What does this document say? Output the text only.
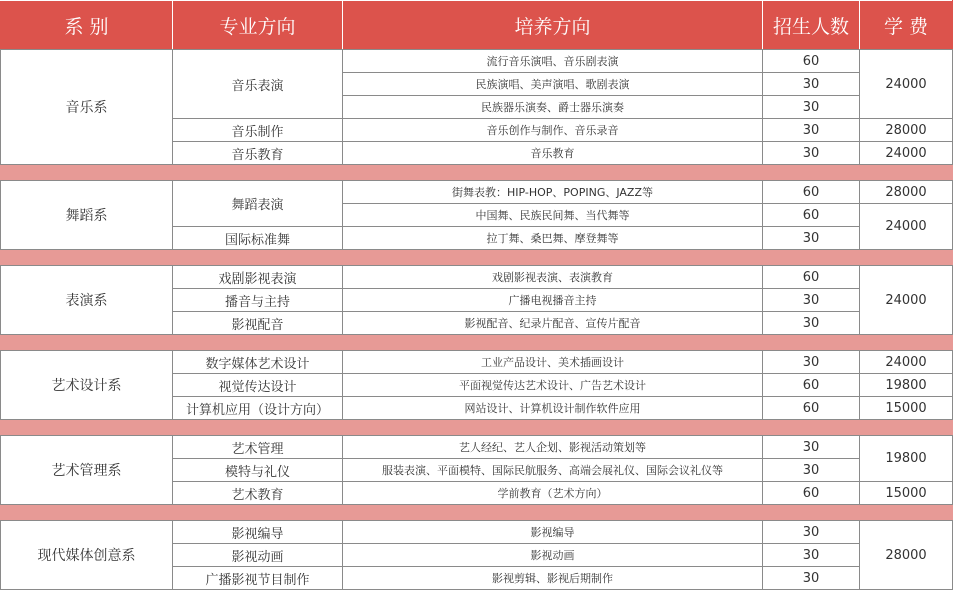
系 别	专业方向	培养方向	招生人数	学 费
音乐系	音乐表演	流行音乐演唱、音乐剧表演	60	24000
		民族演唱、美声演唱、歌剧表演	30	
		民族器乐演奏、爵士器乐演奏	30	
	音乐制作	音乐创作与制作、音乐录音	30	28000
	音乐教育	音乐教育	30	24000

舞蹈系	舞蹈表演	街舞表教：HIP-HOP、POPING、JAZZ等	60	28000
		中国舞、民族民间舞、当代舞等	60	24000
	国际标准舞	拉丁舞、桑巴舞、摩登舞等	30	

表演系	戏剧影视表演	戏剧影视表演、表演教育	60	24000
	播音与主持	广播电视播音主持	30	
	影视配音	影视配音、纪录片配音、宣传片配音	30	

艺术设计系	数字媒体艺术设计	工业产品设计、美术插画设计	30	24000
	视觉传达设计	平面视觉传达艺术设计、广告艺术设计	60	19800
	计算机应用（设计方向）	网站设计、计算机设计制作软件应用	60	15000

艺术管理系	艺术管理	艺人经纪、艺人企划、影视活动策划等	30	19800
	模特与礼仪	服装表演、平面模特、国际民航服务、高端会展礼仪、国际会议礼仪等	30	
	艺术教育	学前教育（艺术方向）	60	15000

现代媒体创意系	影视编导	影视编导	30	28000
	影视动画	影视动画	30	
	广播影视节目制作	影视剪辑、影视后期制作	30	
